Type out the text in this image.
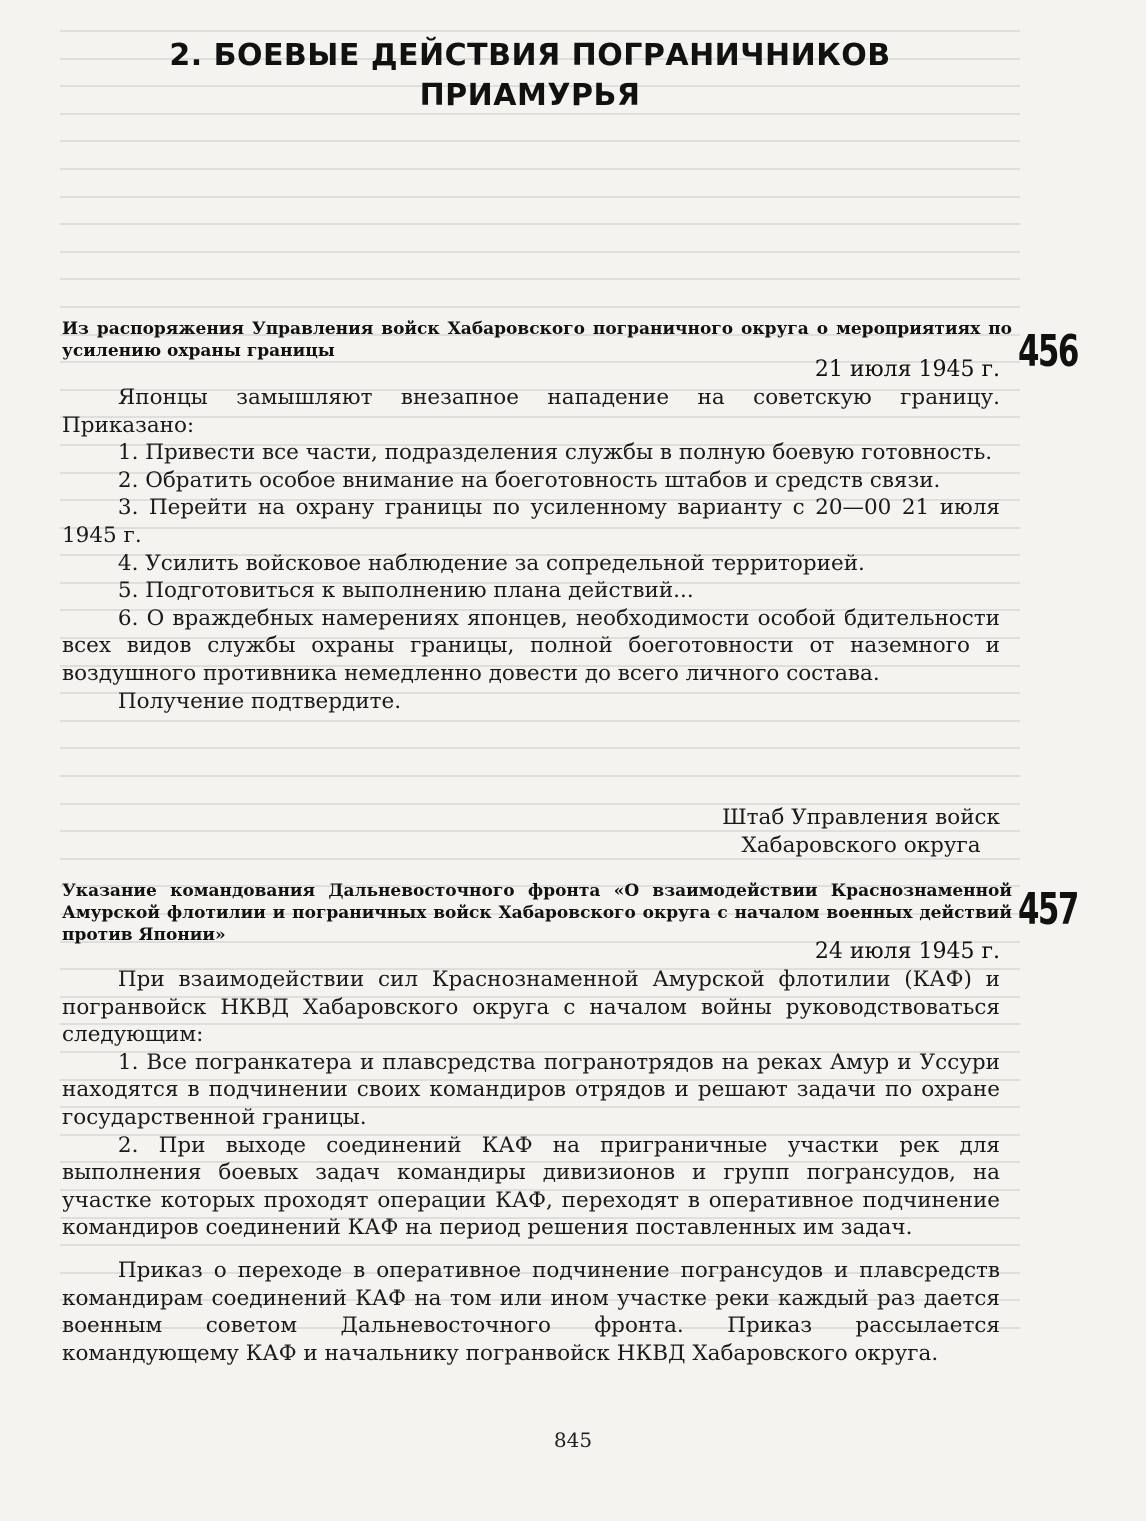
2. БОЕВЫЕ ДЕЙСТВИЯ ПОГРАНИЧНИКОВ
ПРИАМУРЬЯ
Из распоряжения Управления войск Хабаровского пограничного округа о мероприятиях по усилению охраны границы	456
21 июля 1945 г.

Японцы замышляют внезапное нападение на советскую границу. Приказано:

1. Привести все части, подразделения службы в полную боевую готовность.

2. Обратить особое внимание на боеготовность штабов и средств связи.

3. Перейти на охрану границы по усиленному варианту с 20—00 21 июля 1945 г.

4. Усилить войсковое наблюдение за сопредельной территорией.

5. Подготовиться к выполнению плана действий...

6. О враждебных намерениях японцев, необходимости особой бдительности всех видов службы охраны границы, полной боеготовности от наземного и воздушного противника немедленно довести до всего личного состава.

Получение подтвердите.

Штаб Управления войск
Хабаровского округа
Указание командования Дальневосточного фронта «О взаимодействии Краснознаменной Амурской флотилии и пограничных войск Хабаровского округа с началом военных действий против Японии»	457
24 июля 1945 г.

При взаимодействии сил Краснознаменной Амурской флотилии (КАФ) и погранвойск НКВД Хабаровского округа с началом войны руководствоваться следующим:

1. Все погранкатера и плавсредства погранотрядов на реках Амур и Уссури находятся в подчинении своих командиров отрядов и решают задачи по охране государственной границы.

2. При выходе соединений КАФ на приграничные участки рек для выполнения боевых задач командиры дивизионов и групп погрансудов, на участке которых проходят операции КАФ, переходят в оперативное подчинение командиров соединений КАФ на период решения поставленных им задач.

Приказ о переходе в оперативное подчинение погрансудов и плавсредств командирам соединений КАФ на том или ином участке реки каждый раз дается военным советом Дальневосточного фронта. Приказ рассылается командующему КАФ и начальнику погранвойск НКВД Хабаровского округа.

845
